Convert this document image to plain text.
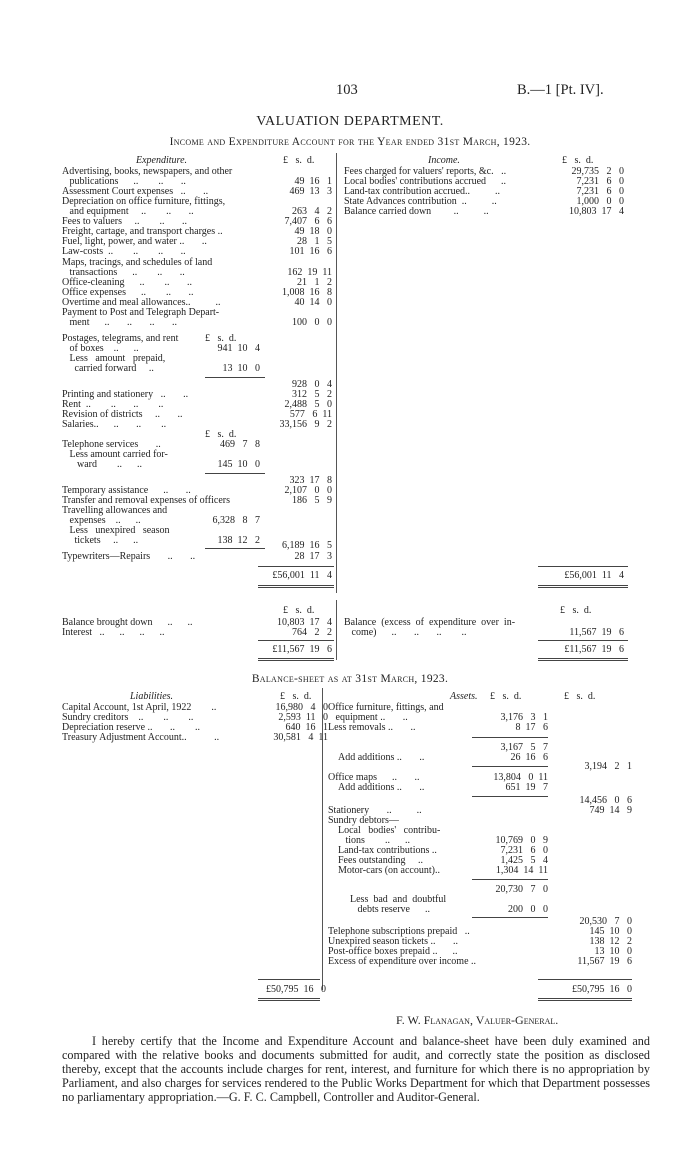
103	B.—1 [Pt. IV].
VALUATION DEPARTMENT.
Income and Expenditure Account for the Year ended 31st March, 1923.
Expenditure.	£   s.  d.
Advertising, books, newspapers, and other
publications      ..        ..       ..	49  16   1
Assessment Court expenses   ..       ..	469  13   3
Depreciation on office furniture, fittings,
and equipment     ..        ..       ..	263   4   2
Fees to valuers     ..        ..       ..	7,407   6   6
Freight, cartage, and transport charges ..	49  18   0
Fuel, light, power, and water ..       ..	28   1   5
Law-costs  ..        ..        ..       ..	101  16   6
Maps, tracings, and schedules of land
transactions      ..        ..       ..	162  19  11
Office-cleaning      ..        ..       ..	21   1   2
Office expenses      ..        ..       ..	1,008  16   8
Overtime and meal allowances..          ..	40  14   0
Payment to Post and Telegraph Depart-
ment      ..       ..       ..       ..	100   0   0
Postages, telegrams, and rent	£   s.  d.
of boxes    ..      ..	941  10   4
Less   amount   prepaid,
carried forward     ..	13  10   0
928   0   4
Printing and stationery   ..       ..	312   5   2
Rent  ..        ..       ..        ..	2,488   5   0
Revision of districts     ..       ..	577   6  11
Salaries..      ..       ..        ..	33,156   9   2
£   s.  d.
Telephone services       ..	469   7   8
Less amount carried for-
ward        ..      ..	145  10   0
323  17   8
Temporary assistance      ..       ..	2,107   0   0
Transfer and removal expenses of officers	186   5   9
Travelling allowances and
expenses    ..      ..	6,328   8   7
Less   unexpired   season
tickets     ..      ..	138  12   2	6,189  16   5
Typewriters—Repairs       ..       ..	28  17   3
£56,001  11   4
Income.	£   s.  d.
Fees charged for valuers' reports, &c.   ..	29,735   2   0
Local bodies' contributions accrued      ..	7,231   6   0
Land-tax contribution accrued..          ..	7,231   6   0
State Advances contribution  ..          ..	1,000   0   0
Balance carried down         ..          ..	10,803  17   4
£56,001  11   4
£   s.  d.	£   s.  d.
Balance brought down      ..      ..	10,803  17   4
Interest   ..      ..      ..      ..	764   2   2
£11,567  19   6
Balance  (excess  of  expenditure  over  in-
come)      ..       ..       ..        ..	11,567  19   6
£11,567  19   6
Balance-sheet as at 31st March, 1923.
Liabilities.	£   s.  d.
Capital Account, 1st April, 1922        ..	16,980   4   0
Sundry creditors    ..        ..        ..	2,593  11   0
Depreciation reserve ..       ..        ..	640  16   1
Treasury Adjustment Account..           ..	30,581   4  11
£50,795  16   0
Assets. £   s.  d.	£   s.  d.
Office furniture, fittings, and
equipment ..       ..	3,176   3   1
Less removals ..       ..	8  17   6
3,167   5   7
Add additions ..       ..	26  16   6
3,194   2   1
Office maps      ..       ..	13,804   0  11
Add additions ..       ..	651  19   7
14,456   0   6
Stationery       ..          ..	749  14   9
Sundry debtors—
Local   bodies'   contribu-
tions        ..      ..	10,769   0   9
Land-tax contributions ..	7,231   6   0
Fees outstanding     ..	1,425   5   4
Motor-cars (on account)..	1,304  14  11
20,730   7   0
Less  bad  and  doubtful
debts reserve      ..	200   0   0
20,530   7   0
Telephone subscriptions prepaid   ..	145  10   0
Unexpired season tickets ..       ..	138  12   2
Post-office boxes prepaid ..      ..	13  10   0
Excess of expenditure over income ..	11,567  19   6
£50,795  16   0
F. W. Flanagan, Valuer-General.
I hereby certify that the Income and Expenditure Account and balance-sheet have been duly examined and compared with the relative books and documents submitted for audit, and correctly state the position as disclosed thereby, except that the accounts include charges for rent, interest, and furniture for which there is no appropriation by Parliament, and also charges for services rendered to the Public Works Department for which that Department possesses no parliamentary appropriation.—G. F. C. Campbell, Controller and Auditor-General.
